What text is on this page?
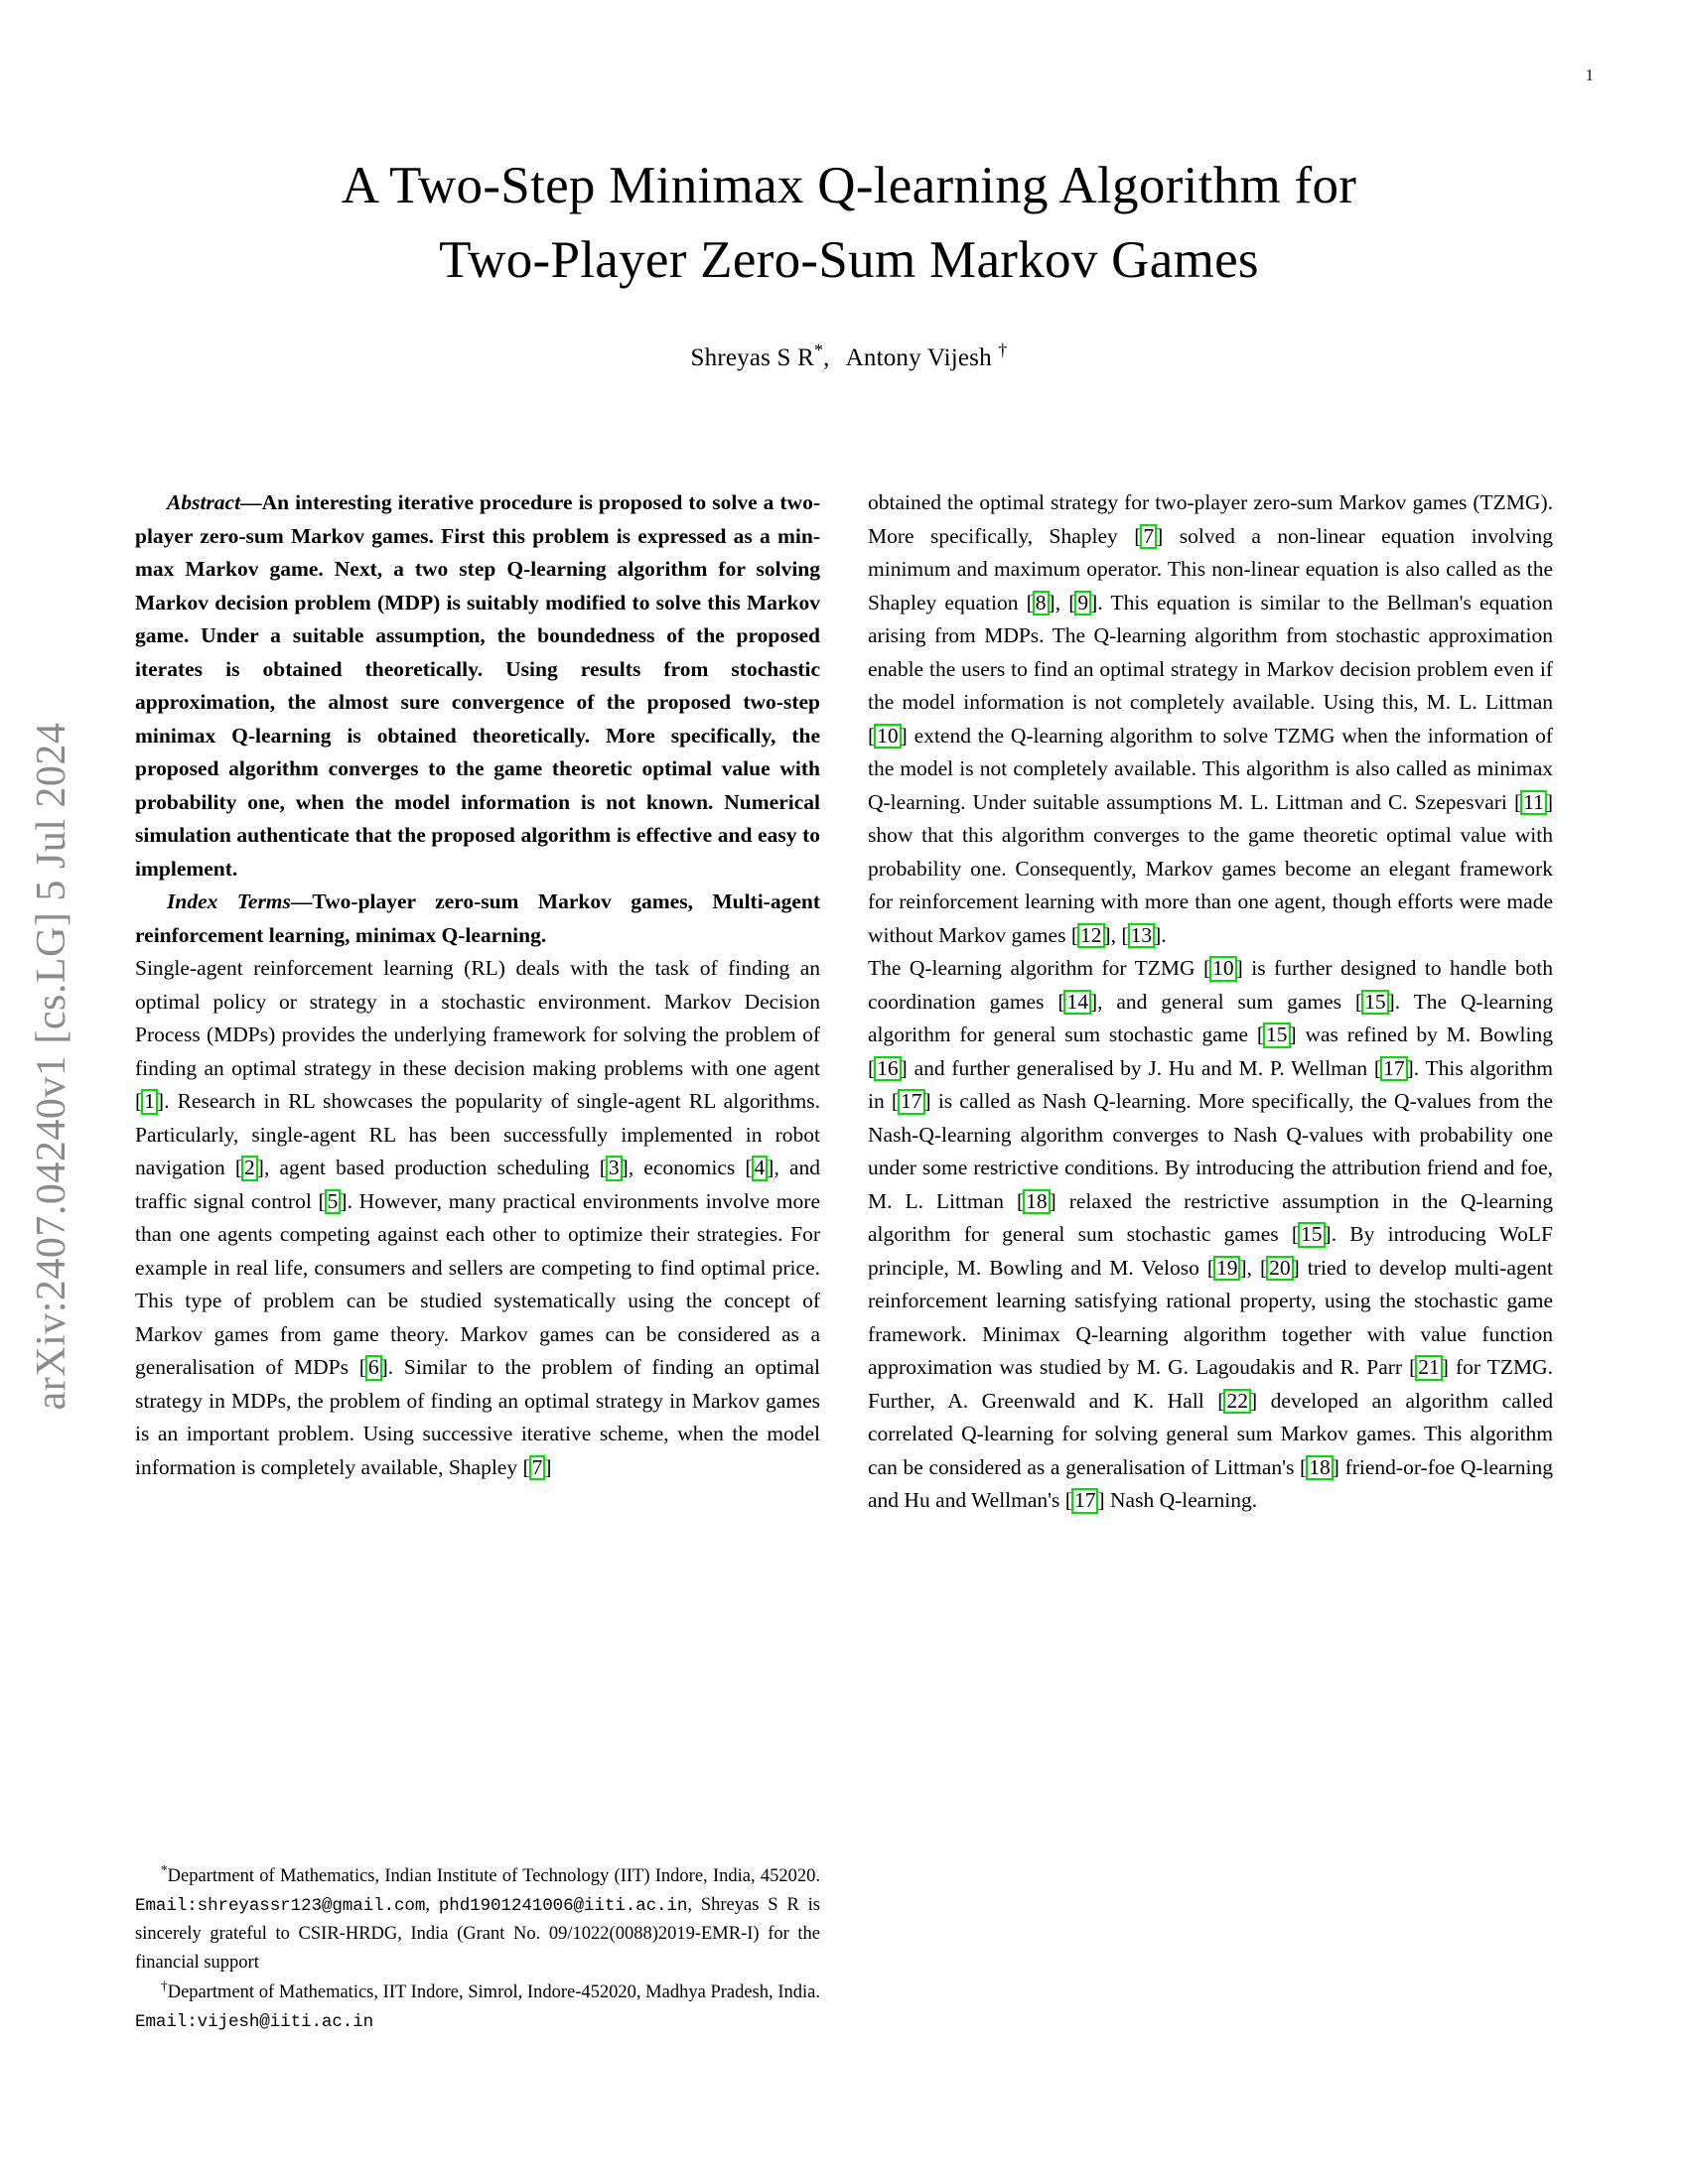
1
arXiv:2407.04240v1 [cs.LG] 5 Jul 2024
A Two-Step Minimax Q-learning Algorithm for
Two-Player Zero-Sum Markov Games
Shreyas S R*, Antony Vijesh †

Abstract—An interesting iterative procedure is proposed to solve a two-player zero-sum Markov games. First this problem is expressed as a min-max Markov game. Next, a two step Q-learning algorithm for solving Markov decision problem (MDP) is suitably modified to solve this Markov game. Under a suitable assumption, the boundedness of the proposed iterates is obtained theoretically. Using results from stochastic approximation, the almost sure convergence of the proposed two-step minimax Q-learning is obtained theoretically. More specifically, the proposed algorithm converges to the game theoretic optimal value with probability one, when the model information is not known. Numerical simulation authenticate that the proposed algorithm is effective and easy to implement.

Index Terms—Two-player zero-sum Markov games, Multi-agent reinforcement learning, minimax Q-learning.

Single-agent reinforcement learning (RL) deals with the task of finding an optimal policy or strategy in a stochastic environment. Markov Decision Process (MDPs) provides the underlying framework for solving the problem of finding an optimal strategy in these decision making problems with one agent [1]. Research in RL showcases the popularity of single-agent RL algorithms. Particularly, single-agent RL has been successfully implemented in robot navigation [2], agent based production scheduling [3], economics [4], and traffic signal control [5]. However, many practical environments involve more than one agents competing against each other to optimize their strategies. For example in real life, consumers and sellers are competing to find optimal price. This type of problem can be studied systematically using the concept of Markov games from game theory. Markov games can be considered as a generalisation of MDPs [6]. Similar to the problem of finding an optimal strategy in MDPs, the problem of finding an optimal strategy in Markov games is an important problem. Using successive iterative scheme, when the model information is completely available, Shapley [7]

obtained the optimal strategy for two-player zero-sum Markov games (TZMG). More specifically, Shapley [7] solved a non-linear equation involving minimum and maximum operator. This non-linear equation is also called as the Shapley equation [8], [9]. This equation is similar to the Bellman's equation arising from MDPs. The Q-learning algorithm from stochastic approximation enable the users to find an optimal strategy in Markov decision problem even if the model information is not completely available. Using this, M. L. Littman [10] extend the Q-learning algorithm to solve TZMG when the information of the model is not completely available. This algorithm is also called as minimax Q-learning. Under suitable assumptions M. L. Littman and C. Szepesvari [11] show that this algorithm converges to the game theoretic optimal value with probability one. Consequently, Markov games become an elegant framework for reinforcement learning with more than one agent, though efforts were made without Markov games [12], [13].

The Q-learning algorithm for TZMG [10] is further designed to handle both coordination games [14], and general sum games [15]. The Q-learning algorithm for general sum stochastic game [15] was refined by M. Bowling [16] and further generalised by J. Hu and M. P. Wellman [17]. This algorithm in [17] is called as Nash Q-learning. More specifically, the Q-values from the Nash-Q-learning algorithm converges to Nash Q-values with probability one under some restrictive conditions. By introducing the attribution friend and foe, M. L. Littman [18] relaxed the restrictive assumption in the Q-learning algorithm for general sum stochastic games [15]. By introducing WoLF principle, M. Bowling and M. Veloso [19], [20] tried to develop multi-agent reinforcement learning satisfying rational property, using the stochastic game framework. Minimax Q-learning algorithm together with value function approximation was studied by M. G. Lagoudakis and R. Parr [21] for TZMG. Further, A. Greenwald and K. Hall [22] developed an algorithm called correlated Q-learning for solving general sum Markov games. This algorithm can be considered as a generalisation of Littman's [18] friend-or-foe Q-learning and Hu and Wellman's [17] Nash Q-learning.

*Department of Mathematics, Indian Institute of Technology (IIT) Indore, India, 452020. Email:shreyassr123@gmail.com, phd1901241006@iiti.ac.in, Shreyas S R is sincerely grateful to CSIR-HRDG, India (Grant No. 09/1022(0088)2019-EMR-I) for the financial support

†Department of Mathematics, IIT Indore, Simrol, Indore-452020, Madhya Pradesh, India. Email:vijesh@iiti.ac.in
